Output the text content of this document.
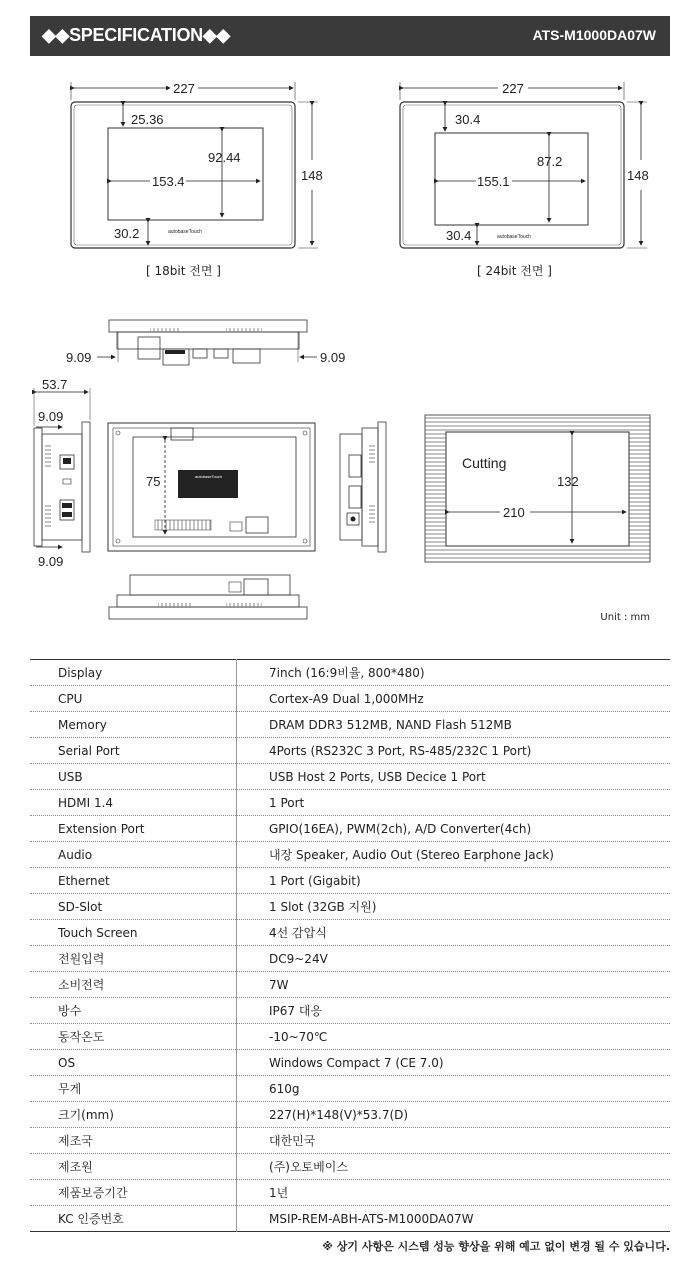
◆◆SPECIFICATION◆◆	ATS-M1000DA07W
227
148
25.36
153.4
92.44
30.2	autobaseTouch
227
148
30.4
155.1
87.2
30.4	autobaseTouch
9.09	9.09
53.7
9.09
9.09
autobaseTouch
75
Cutting
210
132
[ 18bit 전면 ]	[ 24bit 전면 ]
Unit : mm
Display	7inch (16:9비율, 800*480)
CPU	Cortex-A9 Dual 1,000MHz
Memory	DRAM DDR3 512MB, NAND Flash 512MB
Serial Port	4Ports (RS232C 3 Port, RS-485/232C 1 Port)
USB	USB Host 2 Ports, USB Decice 1 Port
HDMI 1.4	1 Port
Extension Port	GPIO(16EA), PWM(2ch), A/D Converter(4ch)
Audio	내장 Speaker, Audio Out (Stereo Earphone Jack)
Ethernet	1 Port (Gigabit)
SD-Slot	1 Slot (32GB 지원)
Touch Screen	4선 감압식
전원입력	DC9~24V
소비전력	7W
방수	IP67 대응
동작온도	-10~70℃
OS	Windows Compact 7 (CE 7.0)
무게	610g
크기(mm)	227(H)*148(V)*53.7(D)
제조국	대한민국
제조원	(주)오토베이스
제품보증기간	1년
KC 인증번호	MSIP-REM-ABH-ATS-M1000DA07W
※ 상기 사항은 시스템 성능 향상을 위해 예고 없이 변경 될 수 있습니다.
